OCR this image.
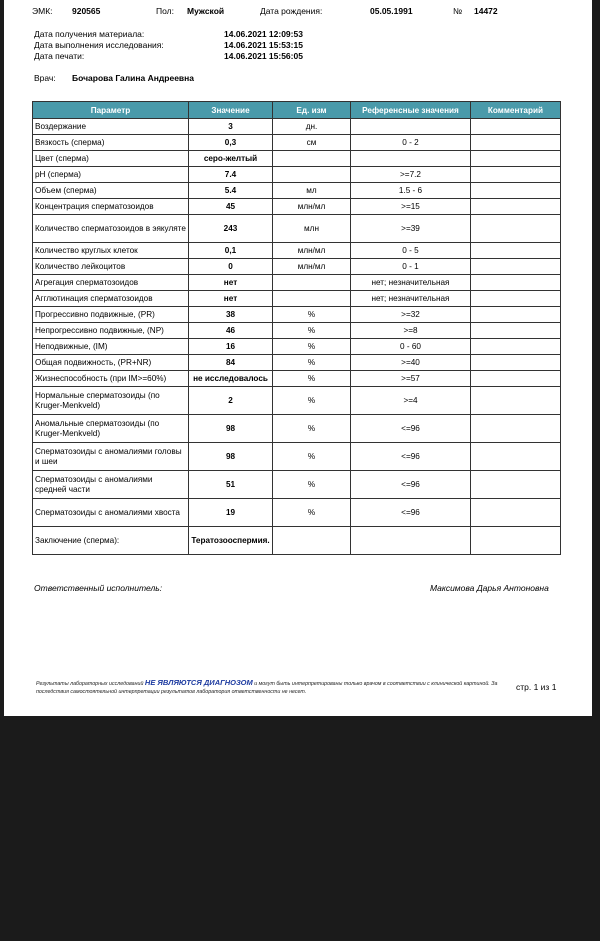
ЭМК: 920565	Пол: Мужской	Дата рождения:	05.05.1991	№ 14472
Дата получения материала:	14.06.2021 12:09:53
Дата выполнения исследования:	14.06.2021 15:53:15
Дата печати:	14.06.2021 15:56:05
Врач: Бочарова Галина Андреевна
Параметр	Значение	Ед. изм	Референсные значения	Комментарий
Воздержание	3	дн.		
Вязкость (сперма)	0,3	см	0 - 2	
Цвет (сперма)	серо-желтый			
pH (сперма)	7.4		>=7.2	
Объем (сперма)	5.4	мл	1.5 - 6	
Концентрация сперматозоидов	45	млн/мл	>=15	
Количество сперматозоидов в эякуляте	243	млн	>=39	
Количество круглых клеток	0,1	млн/мл	0 - 5	
Количество лейкоцитов	0	млн/мл	0 - 1	
Агрегация сперматозоидов	нет		нет; незначительная	
Агглютинация сперматозоидов	нет		нет; незначительная	
Прогрессивно подвижные, (PR)	38	%	>=32	
Непрогрессивно подвижные, (NP)	46	%	>=8	
Неподвижные, (IM)	16	%	0 - 60	
Общая подвижность, (PR+NR)	84	%	>=40	
Жизнеспособность (при IM>=60%)	не исследовалось	%	>=57	
Нормальные сперматозоиды (по Kruger-Menkveld)	2	%	>=4	
Аномальные сперматозоиды (по Kruger-Menkveld)	98	%	<=96	
Сперматозоиды с аномалиями головы и шеи	98	%	<=96	
Сперматозоиды с аномалиями средней части	51	%	<=96	
Сперматозоиды с аномалиями хвоста	19	%	<=96	
Заключение (сперма):	Тератозооспермия.			
Ответственный исполнитель:	Максимова Дарья Антоновна
Результаты лабораторных исследований НЕ ЯВЛЯЮТСЯ ДИАГНОЗОМ и могут быть интерпретированы только врачом в соответствии с клинической картиной. За последствия самостоятельной интерпретации результатов лаборатория ответственности не несет.	стр. 1 из 1
